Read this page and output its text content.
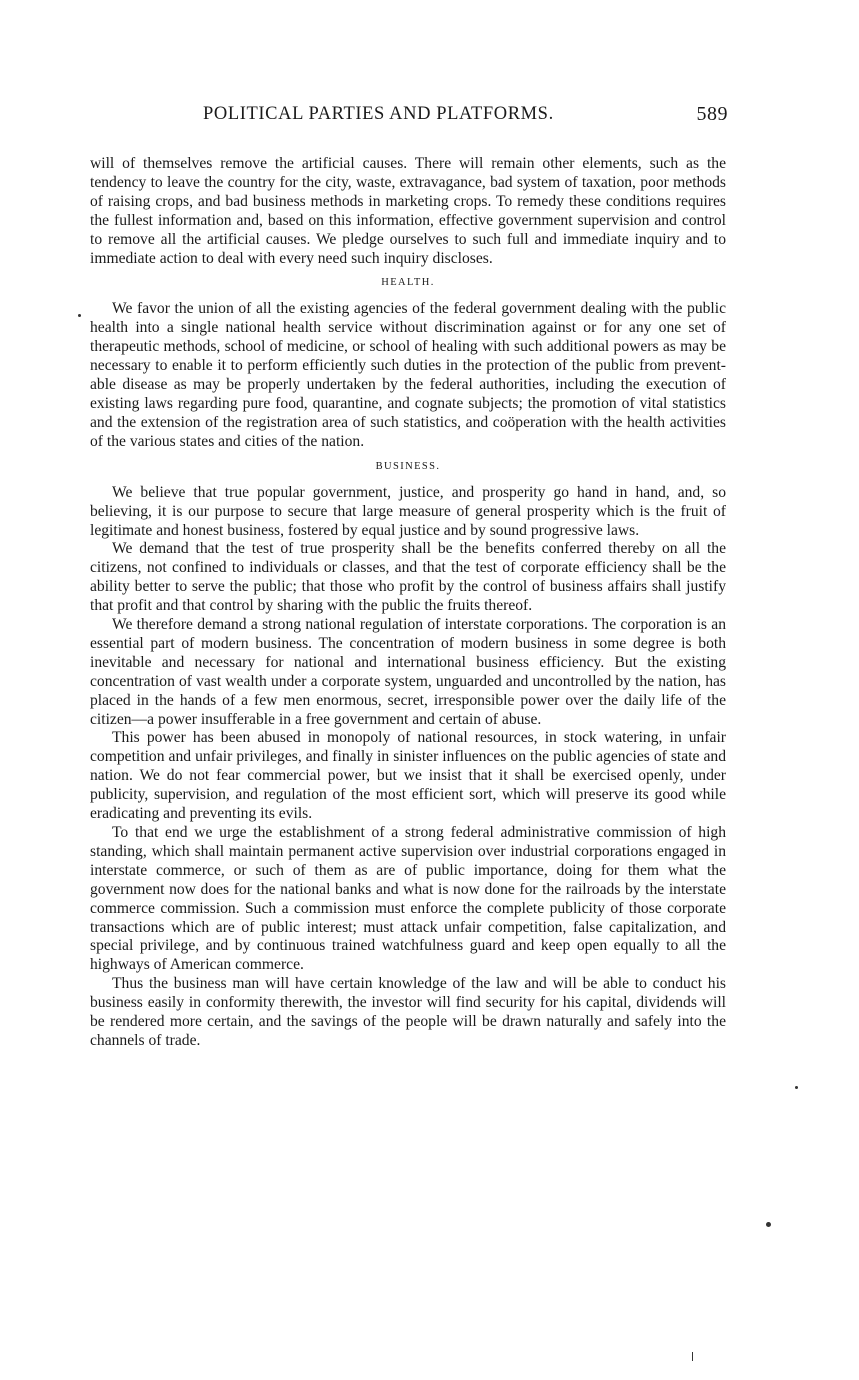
POLITICAL PARTIES AND PLATFORMS.	589

will of themselves remove the artificial causes. There will remain other elements, such as the tendency to leave the country for the city, waste, extravagance, bad system of taxation, poor methods of raising crops, and bad business methods in marketing crops. To remedy these conditions requires the fullest information and, based on this information, effective government supervision and control to remove all the artificial causes. We pledge ourselves to such full and immediate inquiry and to immediate action to deal with every need such inquiry discloses.

HEALTH.

We favor the union of all the existing agencies of the federal government dealing with the public health into a single national health service without discrimination against or for any one set of therapeutic methods, school of medicine, or school of healing with such additional powers as may be necessary to enable it to perform efficiently such duties in the protection of the public from preventable disease as may be properly undertaken by the federal authorities, including the execution of existing laws regarding pure food, quarantine, and cognate subjects; the promotion of vital statistics and the extension of the registration area of such statistics, and coöperation with the health activities of the various states and cities of the nation.

BUSINESS.

We believe that true popular government, justice, and prosperity go hand in hand, and, so believing, it is our purpose to secure that large measure of general prosperity which is the fruit of legitimate and honest business, fostered by equal justice and by sound progressive laws.

We demand that the test of true prosperity shall be the benefits conferred thereby on all the citizens, not confined to individuals or classes, and that the test of corporate efficiency shall be the ability better to serve the public; that those who profit by the control of business affairs shall justify that profit and that control by sharing with the public the fruits thereof.

We therefore demand a strong national regulation of interstate corporations. The corporation is an essential part of modern business. The concentration of modern business in some degree is both inevitable and necessary for national and international business efficiency. But the existing concentration of vast wealth under a corporate system, unguarded and uncontrolled by the nation, has placed in the hands of a few men enormous, secret, irresponsible power over the daily life of the citizen—a power insufferable in a free government and certain of abuse.

This power has been abused in monopoly of national resources, in stock watering, in unfair competition and unfair privileges, and finally in sinister influences on the public agencies of state and nation. We do not fear commercial power, but we insist that it shall be exercised openly, under publicity, supervision, and regulation of the most efficient sort, which will preserve its good while eradicating and preventing its evils.

To that end we urge the establishment of a strong federal administrative commission of high standing, which shall maintain permanent active supervision over industrial corporations engaged in interstate commerce, or such of them as are of public importance, doing for them what the government now does for the national banks and what is now done for the railroads by the interstate commerce commission. Such a commission must enforce the complete publicity of those corporate transactions which are of public interest; must attack unfair competition, false capitalization, and special privilege, and by continuous trained watchfulness guard and keep open equally to all the highways of American commerce.

Thus the business man will have certain knowledge of the law and will be able to conduct his business easily in conformity therewith, the investor will find security for his capital, dividends will be rendered more certain, and the savings of the people will be drawn naturally and safely into the channels of trade.
